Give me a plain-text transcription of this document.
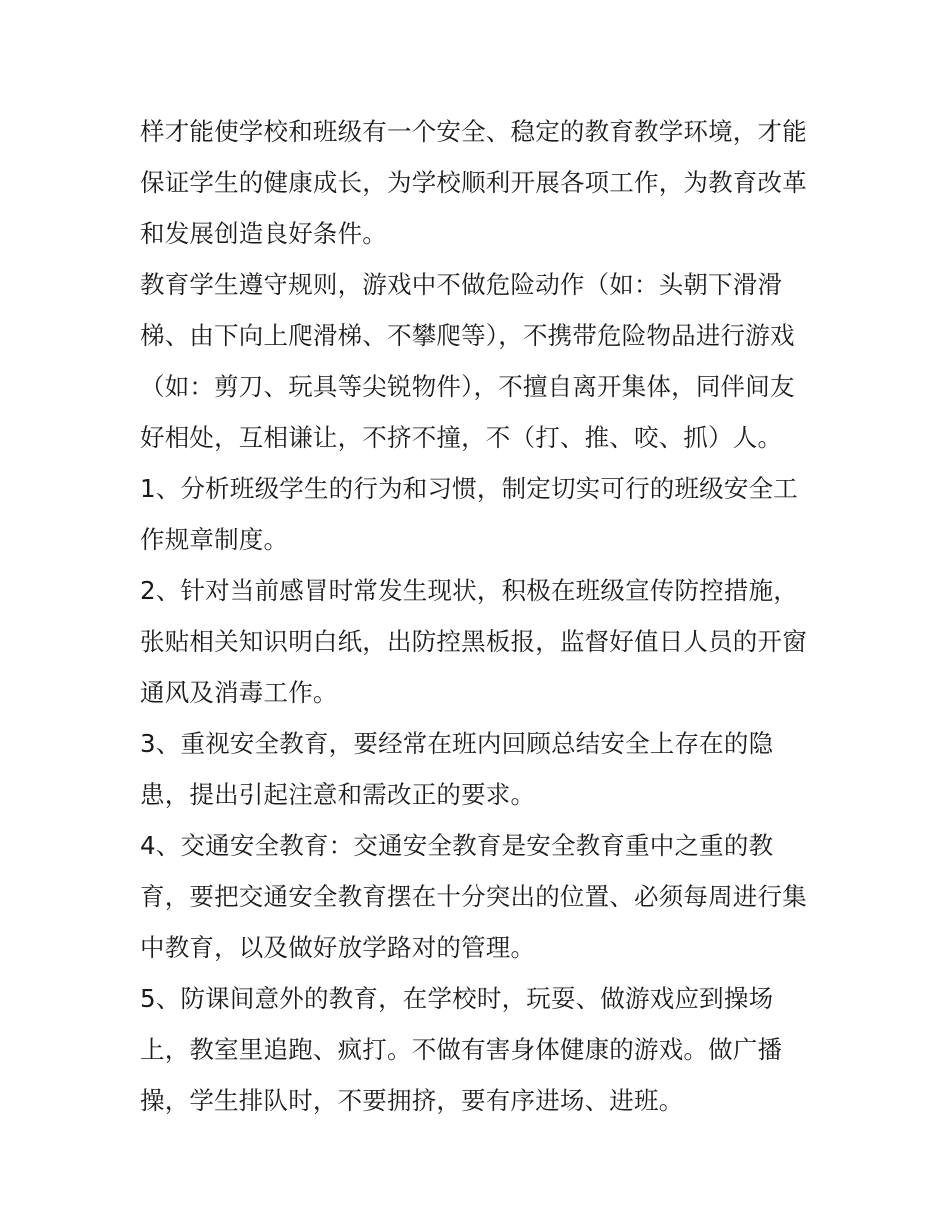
样才能使学校和班级有一个安全、稳定的教育教学环境，才能
保证学生的健康成长，为学校顺利开展各项工作，为教育改革
和发展创造良好条件。
教育学生遵守规则，游戏中不做危险动作（如：头朝下滑滑
梯、由下向上爬滑梯、不攀爬等），不携带危险物品进行游戏
（如：剪刀、玩具等尖锐物件），不擅自离开集体，同伴间友
好相处，互相谦让，不挤不撞，不（打、推、咬、抓）人。
1、分析班级学生的行为和习惯，制定切实可行的班级安全工
作规章制度。
2、针对当前感冒时常发生现状，积极在班级宣传防控措施，
张贴相关知识明白纸，出防控黑板报，监督好值日人员的开窗
通风及消毒工作。
3、重视安全教育，要经常在班内回顾总结安全上存在的隐
患，提出引起注意和需改正的要求。
4、交通安全教育：交通安全教育是安全教育重中之重的教
育，要把交通安全教育摆在十分突出的位置、必须每周进行集
中教育，以及做好放学路对的管理。
5、防课间意外的教育，在学校时，玩耍、做游戏应到操场
上，教室里追跑、疯打。不做有害身体健康的游戏。做广播
操，学生排队时，不要拥挤，要有序进场、进班。
